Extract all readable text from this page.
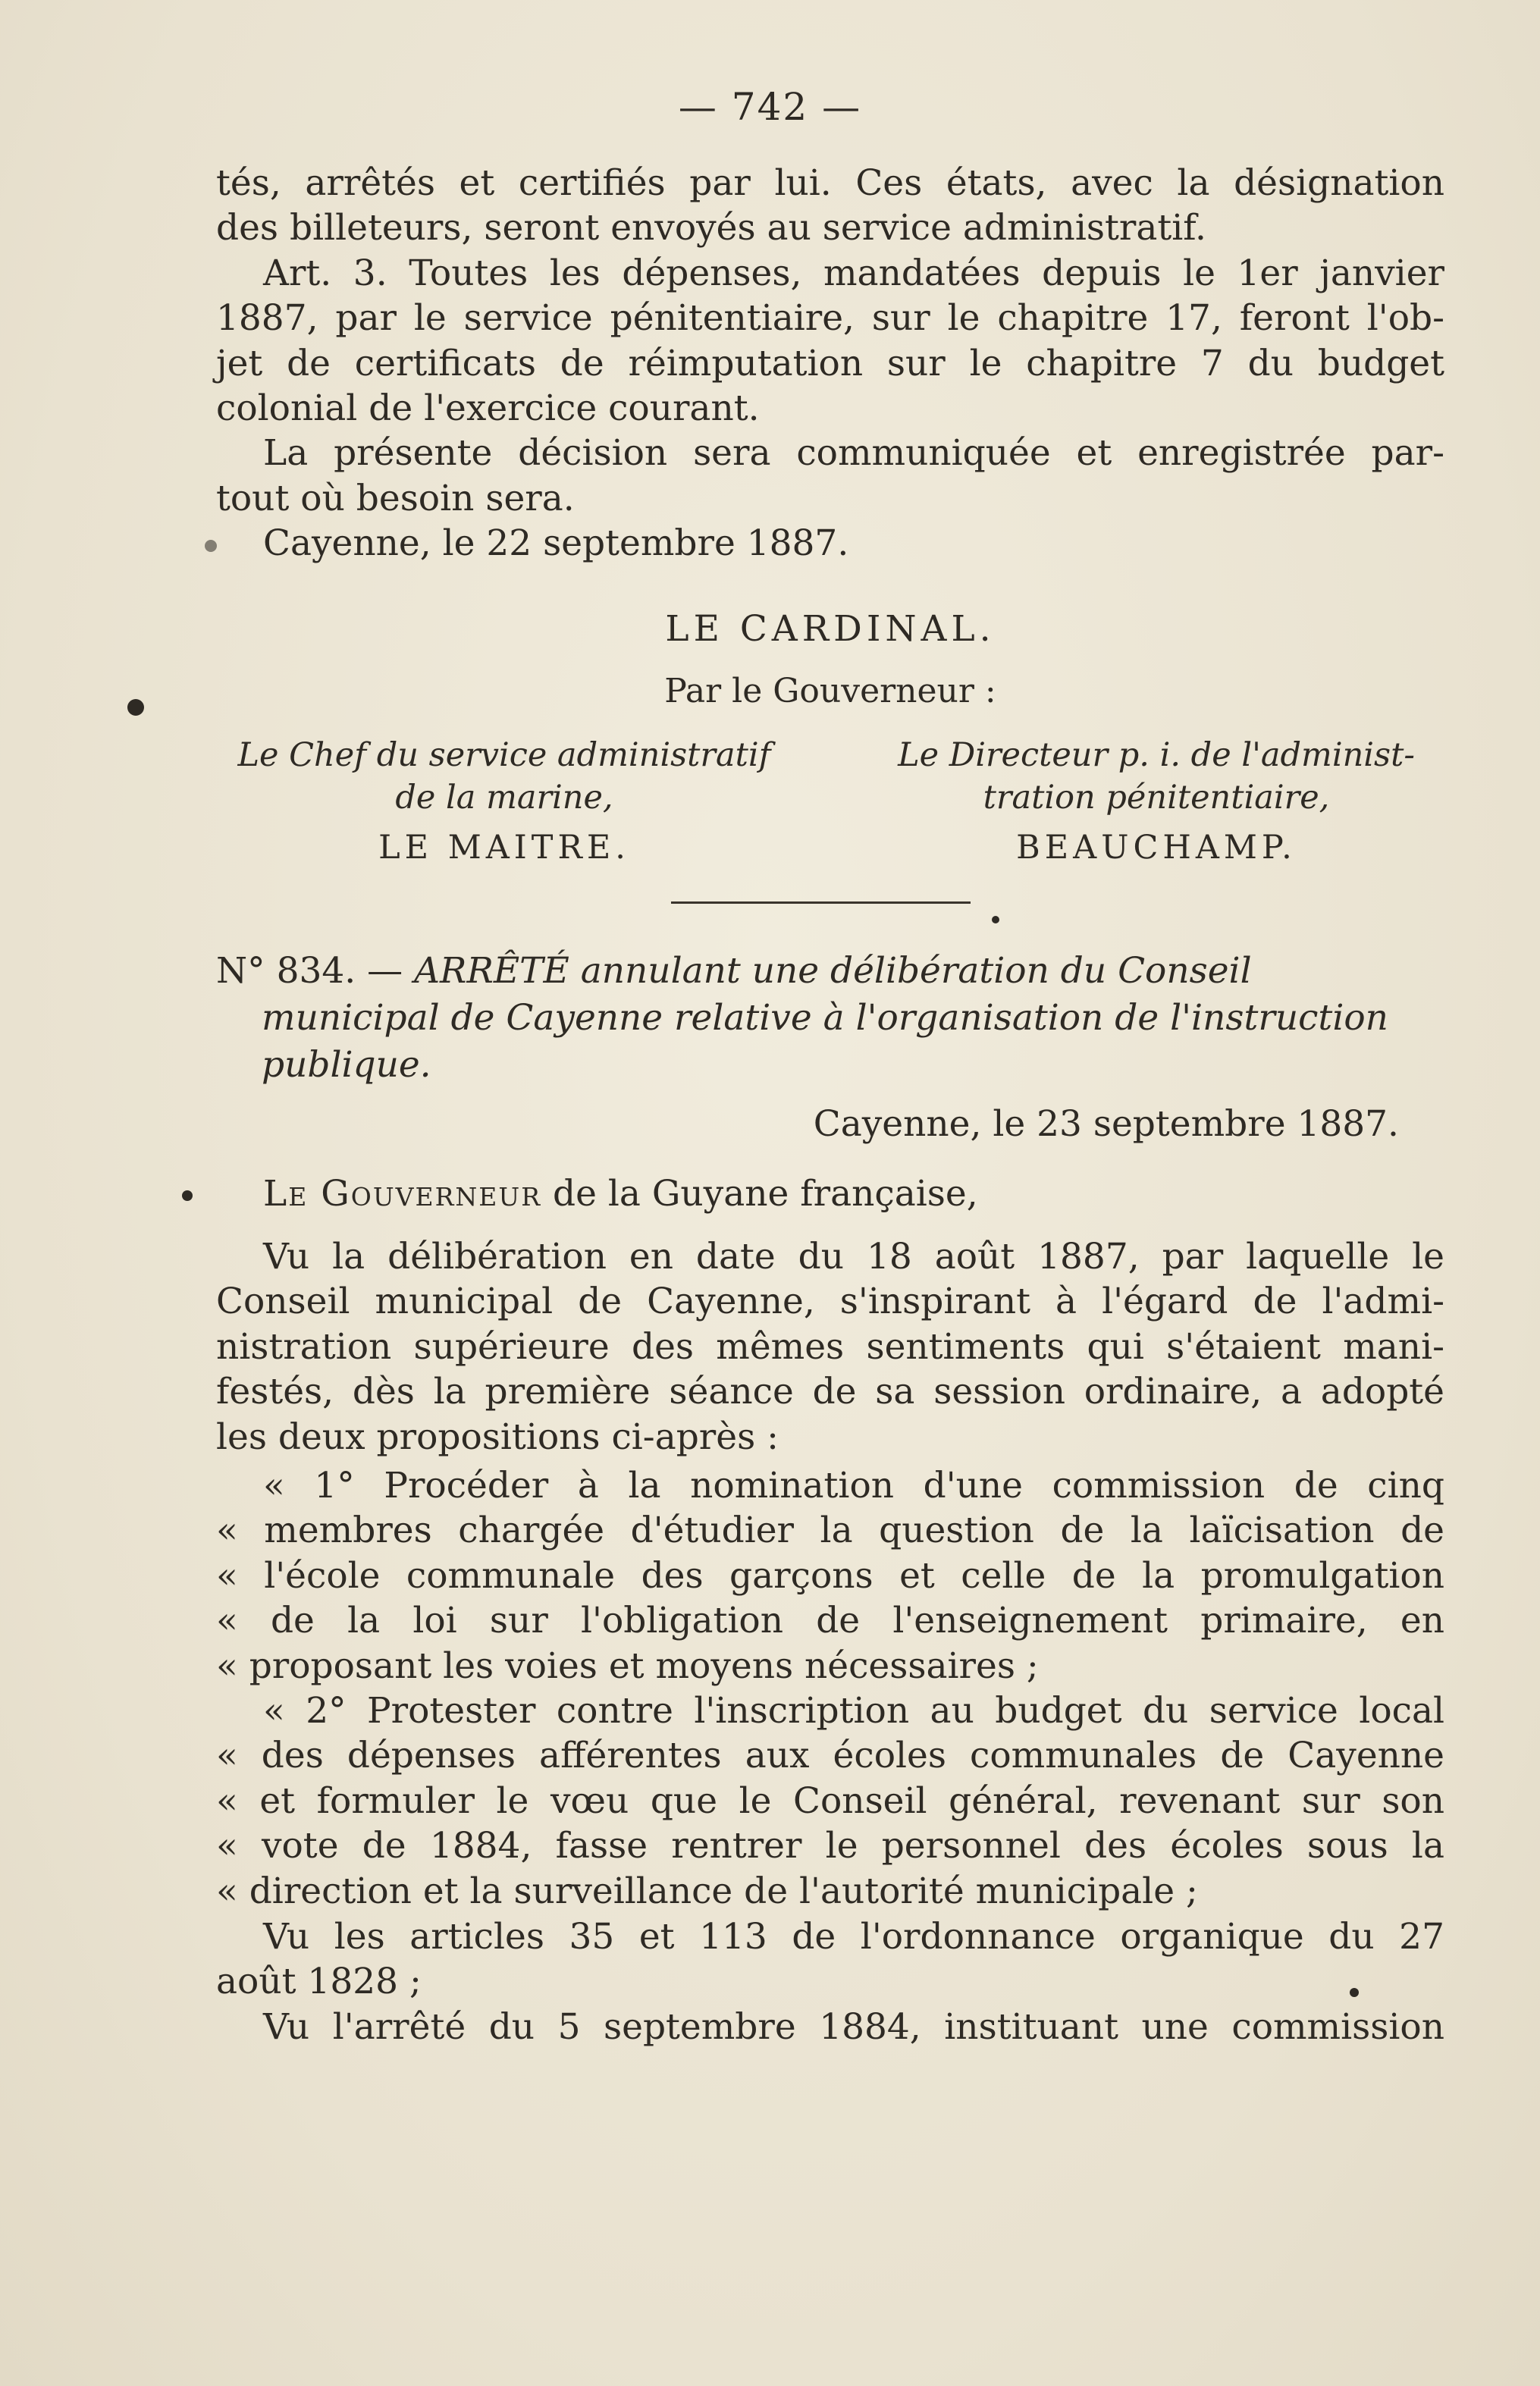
— 742 —
tés, arrêtés et certifiés par lui. Ces états, avec la désignation
des billeteurs, seront envoyés au service administratif.
Art. 3. Toutes les dépenses, mandatées depuis le 1er janvier
1887, par le service pénitentiaire, sur le chapitre 17, feront l'ob-
jet de certificats de réimputation sur le chapitre 7 du budget
colonial de l'exercice courant.
La présente décision sera communiquée et enregistrée par-
tout où besoin sera.
Cayenne, le 22 septembre 1887.
LE CARDINAL.
Par le Gouverneur :
Le Chef du service administratif
de la marine,
LE MAITRE.
Le Directeur p. i. de l'administ-
tration pénitentiaire,
BEAUCHAMP.
N° 834. — ARRÊTÉ annulant une délibération du Conseil
municipal de Cayenne relative à l'organisation de l'instruction
publique.
Cayenne, le 23 septembre 1887.
Le Gouverneur de la Guyane française,
Vu la délibération en date du 18 août 1887, par laquelle le
Conseil municipal de Cayenne, s'inspirant à l'égard de l'admi-
nistration supérieure des mêmes sentiments qui s'étaient mani-
festés, dès la première séance de sa session ordinaire, a adopté
les deux propositions ci-après :
« 1° Procéder à la nomination d'une commission de cinq
« membres chargée d'étudier la question de la laïcisation de
« l'école communale des garçons et celle de la promulgation
« de la loi sur l'obligation de l'enseignement primaire, en
« proposant les voies et moyens nécessaires ;
« 2° Protester contre l'inscription au budget du service local
« des dépenses afférentes aux écoles communales de Cayenne
« et formuler le vœu que le Conseil général, revenant sur son
« vote de 1884, fasse rentrer le personnel des écoles sous la
« direction et la surveillance de l'autorité municipale ;
Vu les articles 35 et 113 de l'ordonnance organique du 27
août 1828 ;
Vu l'arrêté du 5 septembre 1884, instituant une commission
